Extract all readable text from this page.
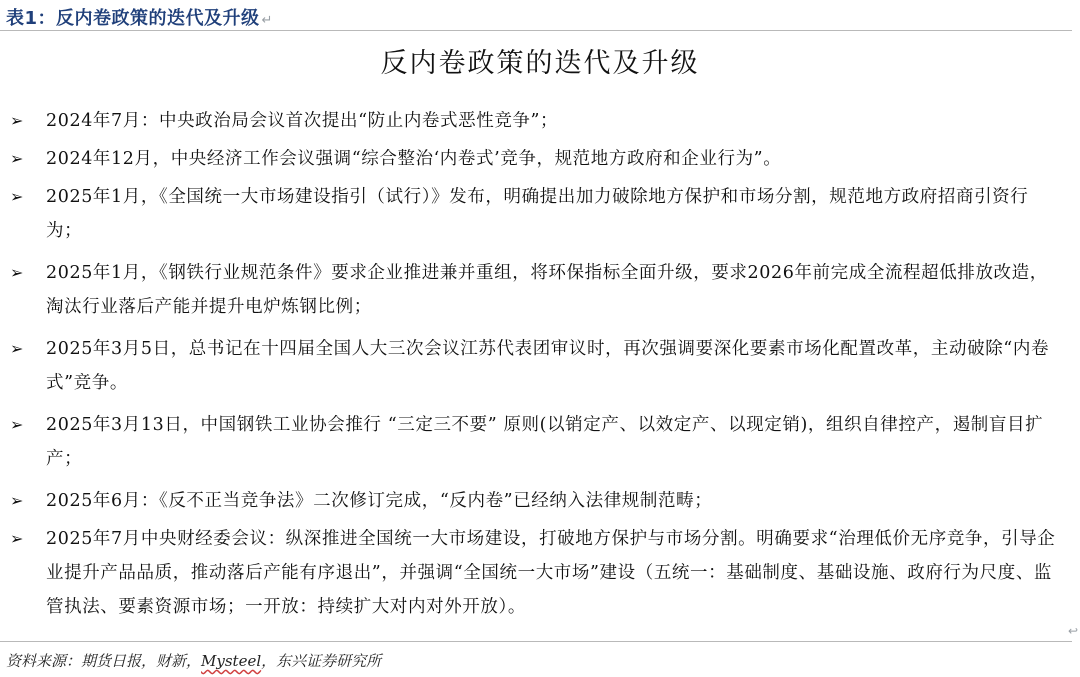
表1：反内卷政策的迭代及升级 ↵
反内卷政策的迭代及升级
➢ 2024年7月：中央政治局会议首次提出“防止内卷式恶性竞争”；
➢ 2024年12月，中央经济工作会议强调“综合整治‘内卷式’竞争，规范地方政府和企业行为”。
➢ 2025年1月，《全国统一大市场建设指引（试行）》发布，明确提出加力破除地方保护和市场分割，规范地方政府招商引资行为；
➢ 2025年1月，《钢铁行业规范条件》要求企业推进兼并重组，将环保指标全面升级，要求2026年前完成全流程超低排放改造，淘汰行业落后产能并提升电炉炼钢比例；
➢ 2025年3月5日，总书记在十四届全国人大三次会议江苏代表团审议时，再次强调要深化要素市场化配置改革，主动破除“内卷式”竞争。
➢ 2025年3月13日，中国钢铁工业协会推行 “三定三不要” 原则(以销定产、以效定产、以现定销)，组织自律控产，遏制盲目扩产；
➢ 2025年6月：《反不正当竞争法》二次修订完成，“反内卷”已经纳入法律规制范畴；
➢ 2025年7月中央财经委会议：纵深推进全国统一大市场建设，打破地方保护与市场分割。明确要求“治理低价无序竞争，引导企业提升产品品质，推动落后产能有序退出”，并强调“全国统一大市场”建设（五统一：基础制度、基础设施、政府行为尺度、监管执法、要素资源市场；一开放：持续扩大对内对外开放）。
资料来源：期货日报，财新，Mysteel，东兴证券研究所
↩
